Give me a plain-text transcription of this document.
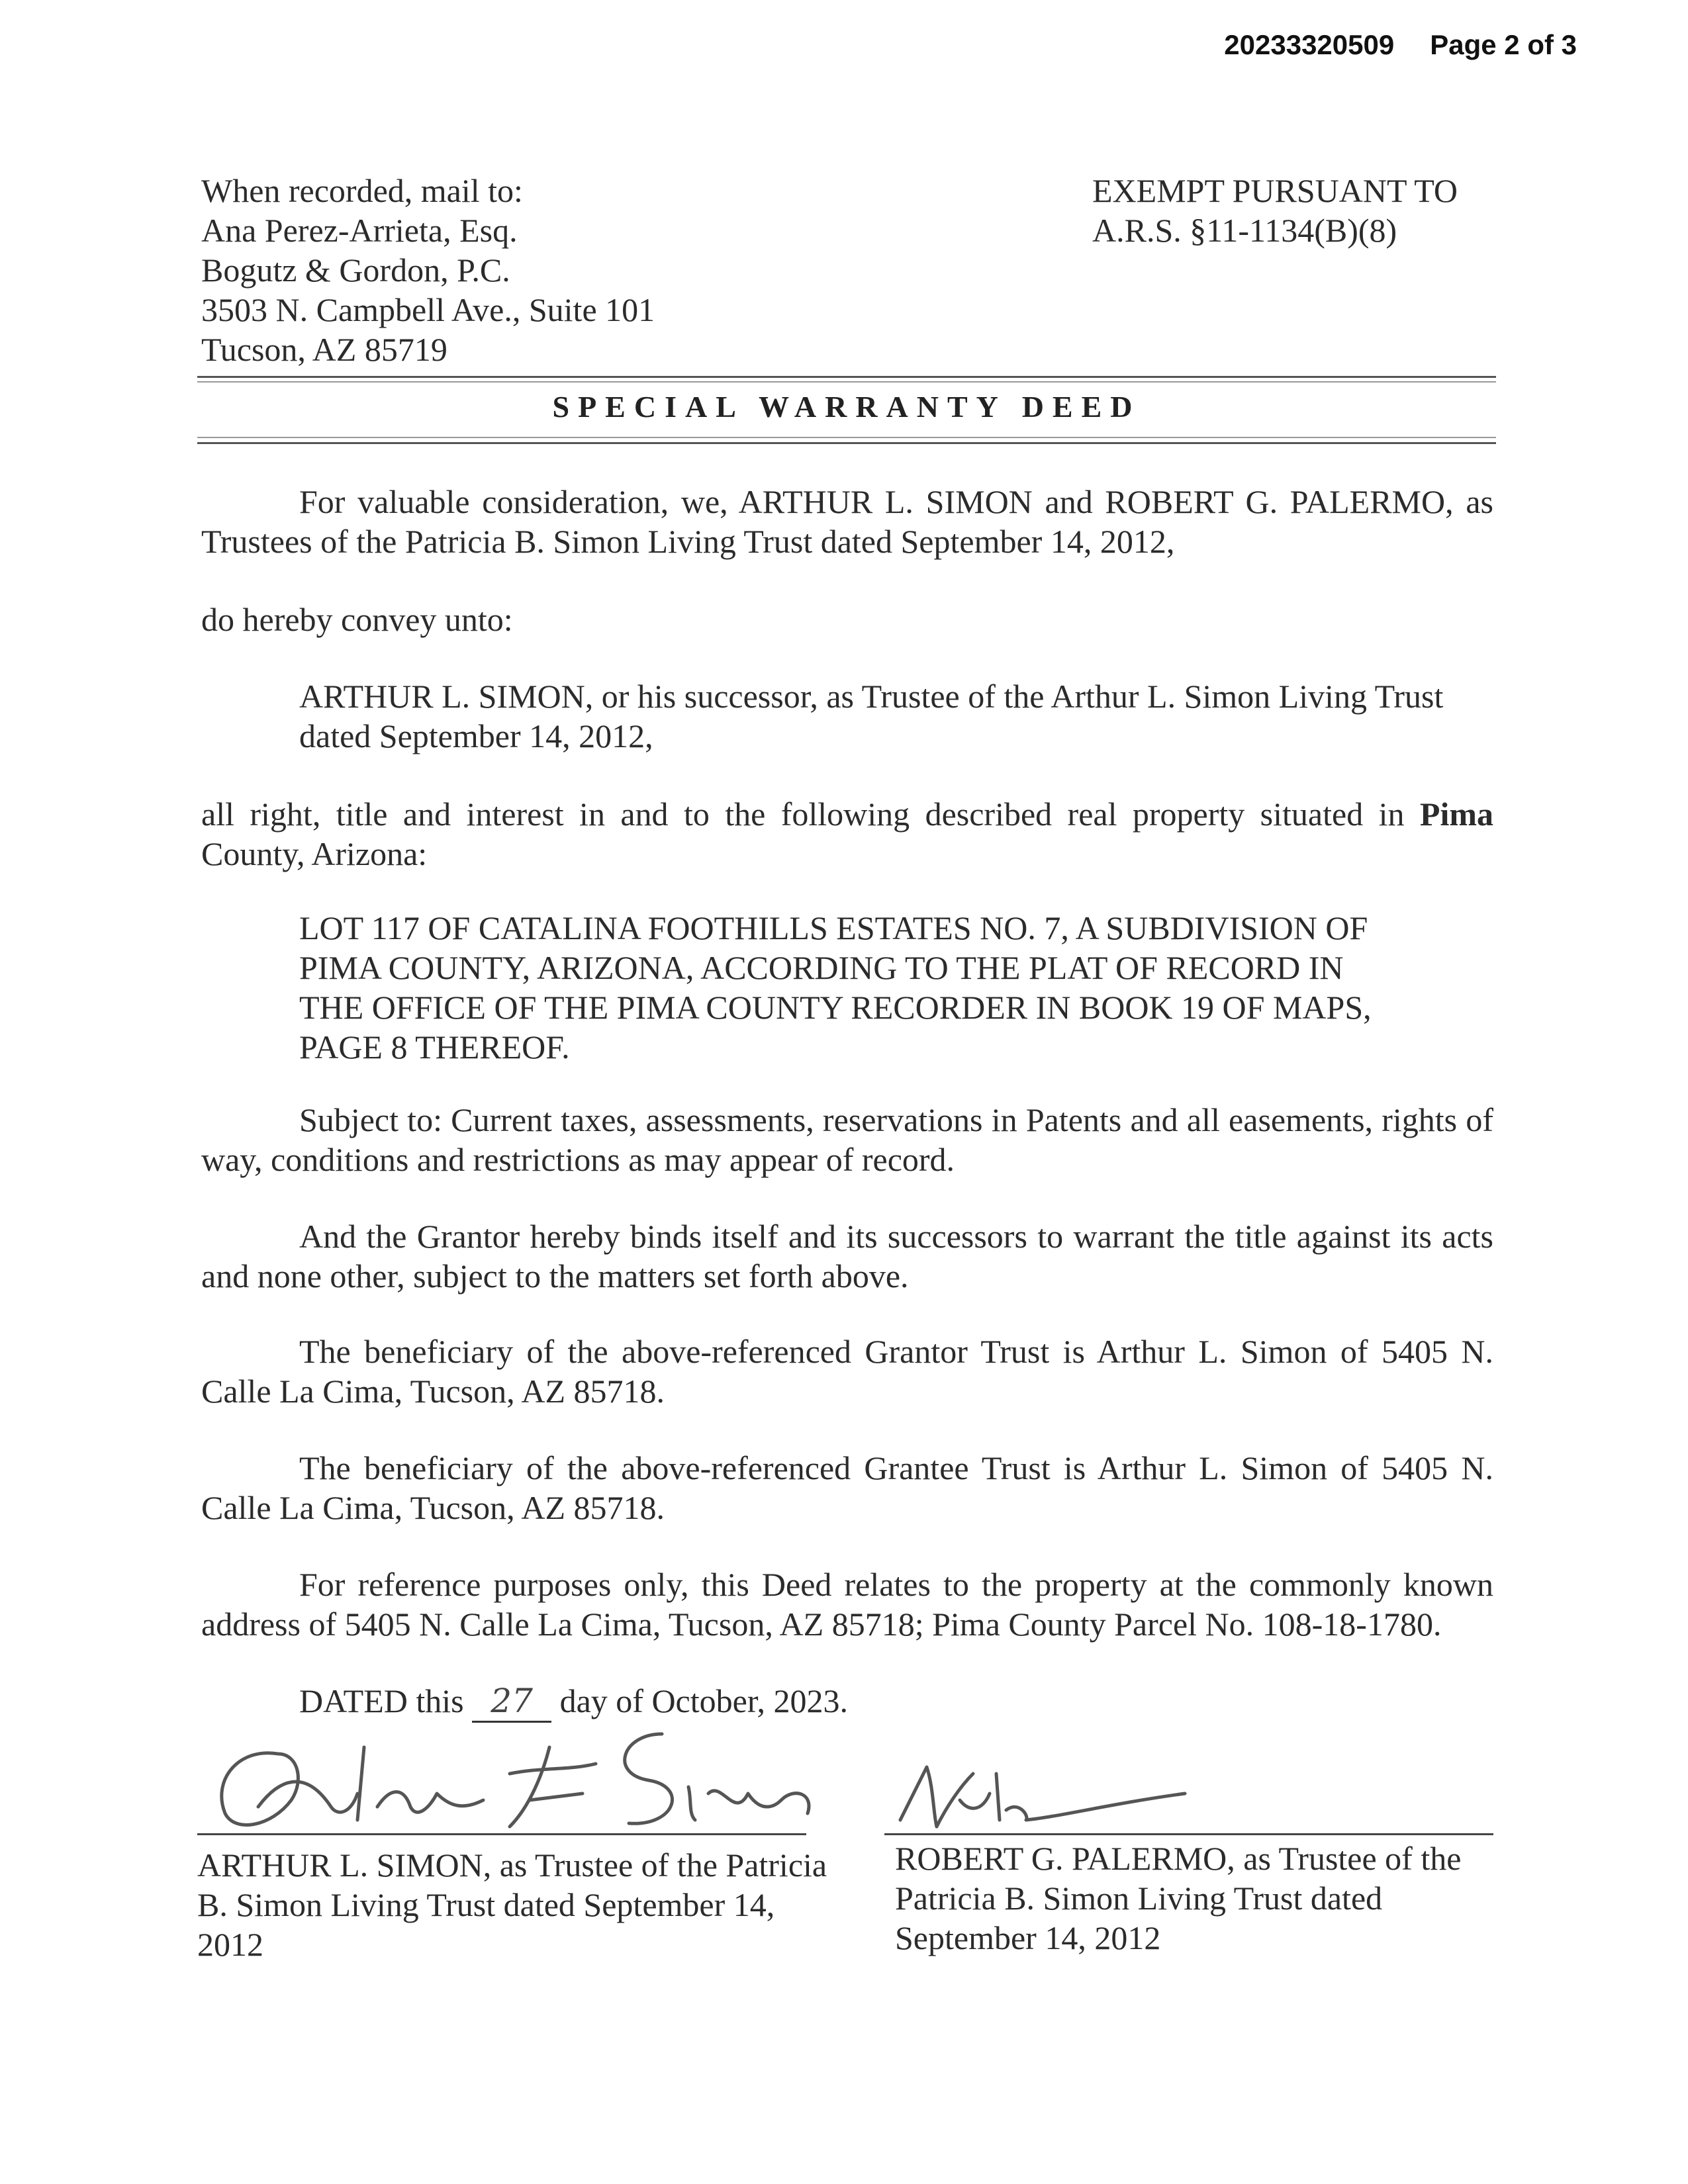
20233320509 Page 2 of 3
When recorded, mail to:
Ana Perez-Arrieta, Esq.
Bogutz & Gordon, P.C.
3503 N. Campbell Ave., Suite 101
Tucson, AZ 85719
EXEMPT PURSUANT TO
A.R.S. §11-1134(B)(8)
SPECIAL WARRANTY DEED
For valuable consideration, we, ARTHUR L. SIMON and ROBERT G. PALERMO, as Trustees of the Patricia B. Simon Living Trust dated September 14, 2012,
do hereby convey unto:
ARTHUR L. SIMON, or his successor, as Trustee of the Arthur L. Simon Living Trust dated September 14, 2012,
all right, title and interest in and to the following described real property situated in Pima County, Arizona:
LOT 117 OF CATALINA FOOTHILLS ESTATES NO. 7, A SUBDIVISION OF PIMA COUNTY, ARIZONA, ACCORDING TO THE PLAT OF RECORD IN THE OFFICE OF THE PIMA COUNTY RECORDER IN BOOK 19 OF MAPS, PAGE 8 THEREOF.
Subject to: Current taxes, assessments, reservations in Patents and all easements, rights of way, conditions and restrictions as may appear of record.
And the Grantor hereby binds itself and its successors to warrant the title against its acts and none other, subject to the matters set forth above.
The beneficiary of the above-referenced Grantor Trust is Arthur L. Simon of 5405 N. Calle La Cima, Tucson, AZ 85718.
The beneficiary of the above-referenced Grantee Trust is Arthur L. Simon of 5405 N. Calle La Cima, Tucson, AZ 85718.
For reference purposes only, this Deed relates to the property at the commonly known address of 5405 N. Calle La Cima, Tucson, AZ 85718; Pima County Parcel No. 108-18-1780.
DATED this 27 day of October, 2023.
ARTHUR L. SIMON, as Trustee of the Patricia
B. Simon Living Trust dated September 14, 2012
ROBERT G. PALERMO, as Trustee of the
Patricia B. Simon Living Trust dated
September 14, 2012
